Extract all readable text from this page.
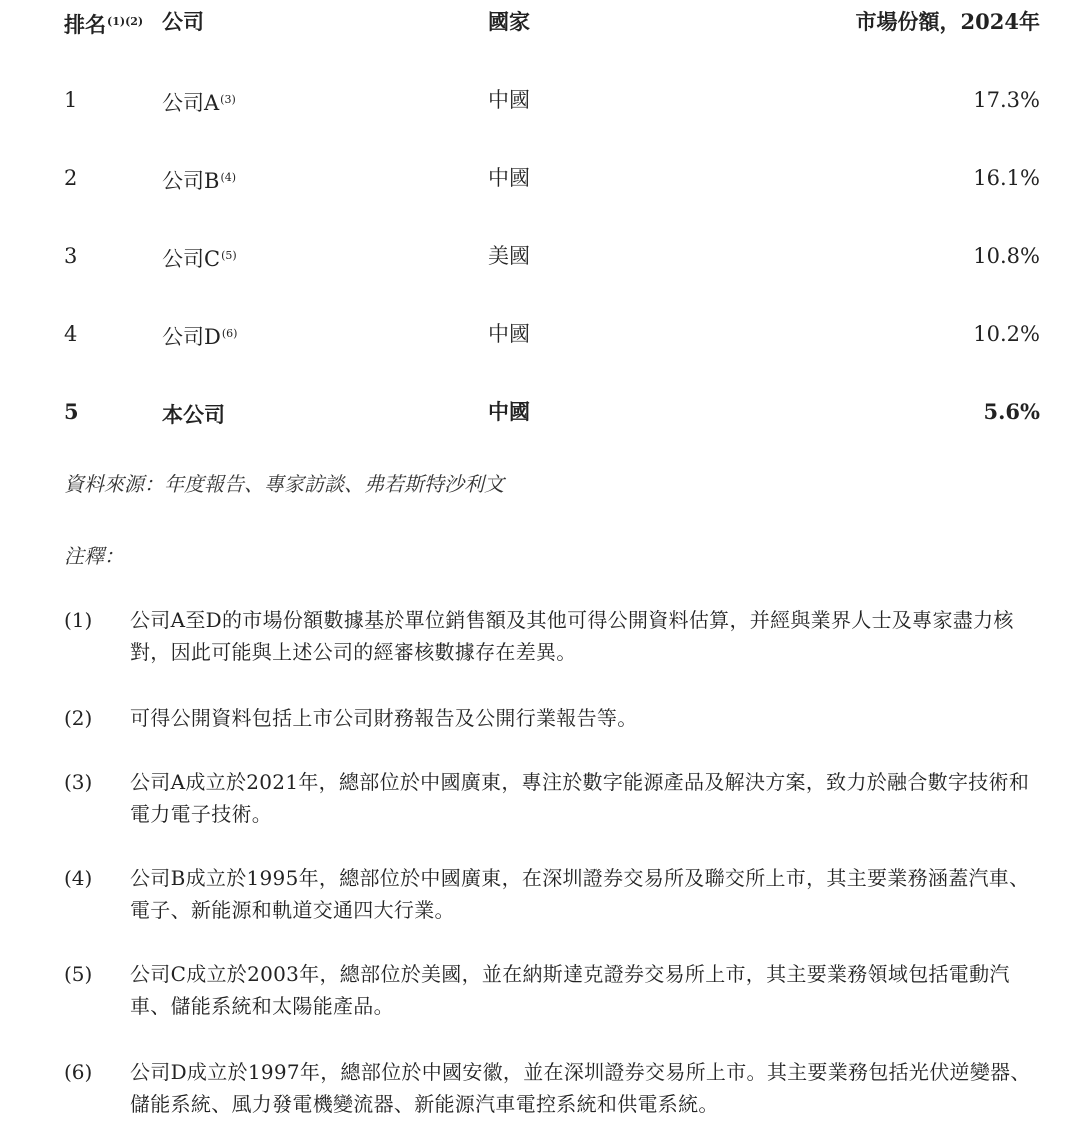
排名$^{(1)(2)}$ 公司	國家	市場份額，2024年
1	公司$A^{(3)}$	中國	17.3%
2	公司$B^{(4)}$	中國	16.1%
3	公司$C^{(5)}$	美國	10.8%
4	公司$D^{(6)}$	中國	10.2%
5	本公司	中國	5.6%
資料來源：年度報告、專家訪談、弗若斯特沙利文
注釋：
(1)	公司A至D的市場份額數據基於單位銷售額及其他可得公開資料估算，并經與業界人士及專家盡力核對，因此可能與上述公司的經審核數據存在差異。
(2)	可得公開資料包括上市公司財務報告及公開行業報告等。
(3)	公司A成立於2021年，總部位於中國廣東，專注於數字能源產品及解決方案，致力於融合數字技術和電力電子技術。
(4)	公司B成立於1995年，總部位於中國廣東，在深圳證券交易所及聯交所上市，其主要業務涵蓋汽車、電子、新能源和軌道交通四大行業。
(5)	公司C成立於2003年，總部位於美國，並在納斯達克證券交易所上市，其主要業務領域包括電動汽車、儲能系統和太陽能產品。
(6)	公司D成立於1997年，總部位於中國安徽，並在深圳證券交易所上市。其主要業務包括光伏逆變器、儲能系統、風力發電機變流器、新能源汽車電控系統和供電系統。
